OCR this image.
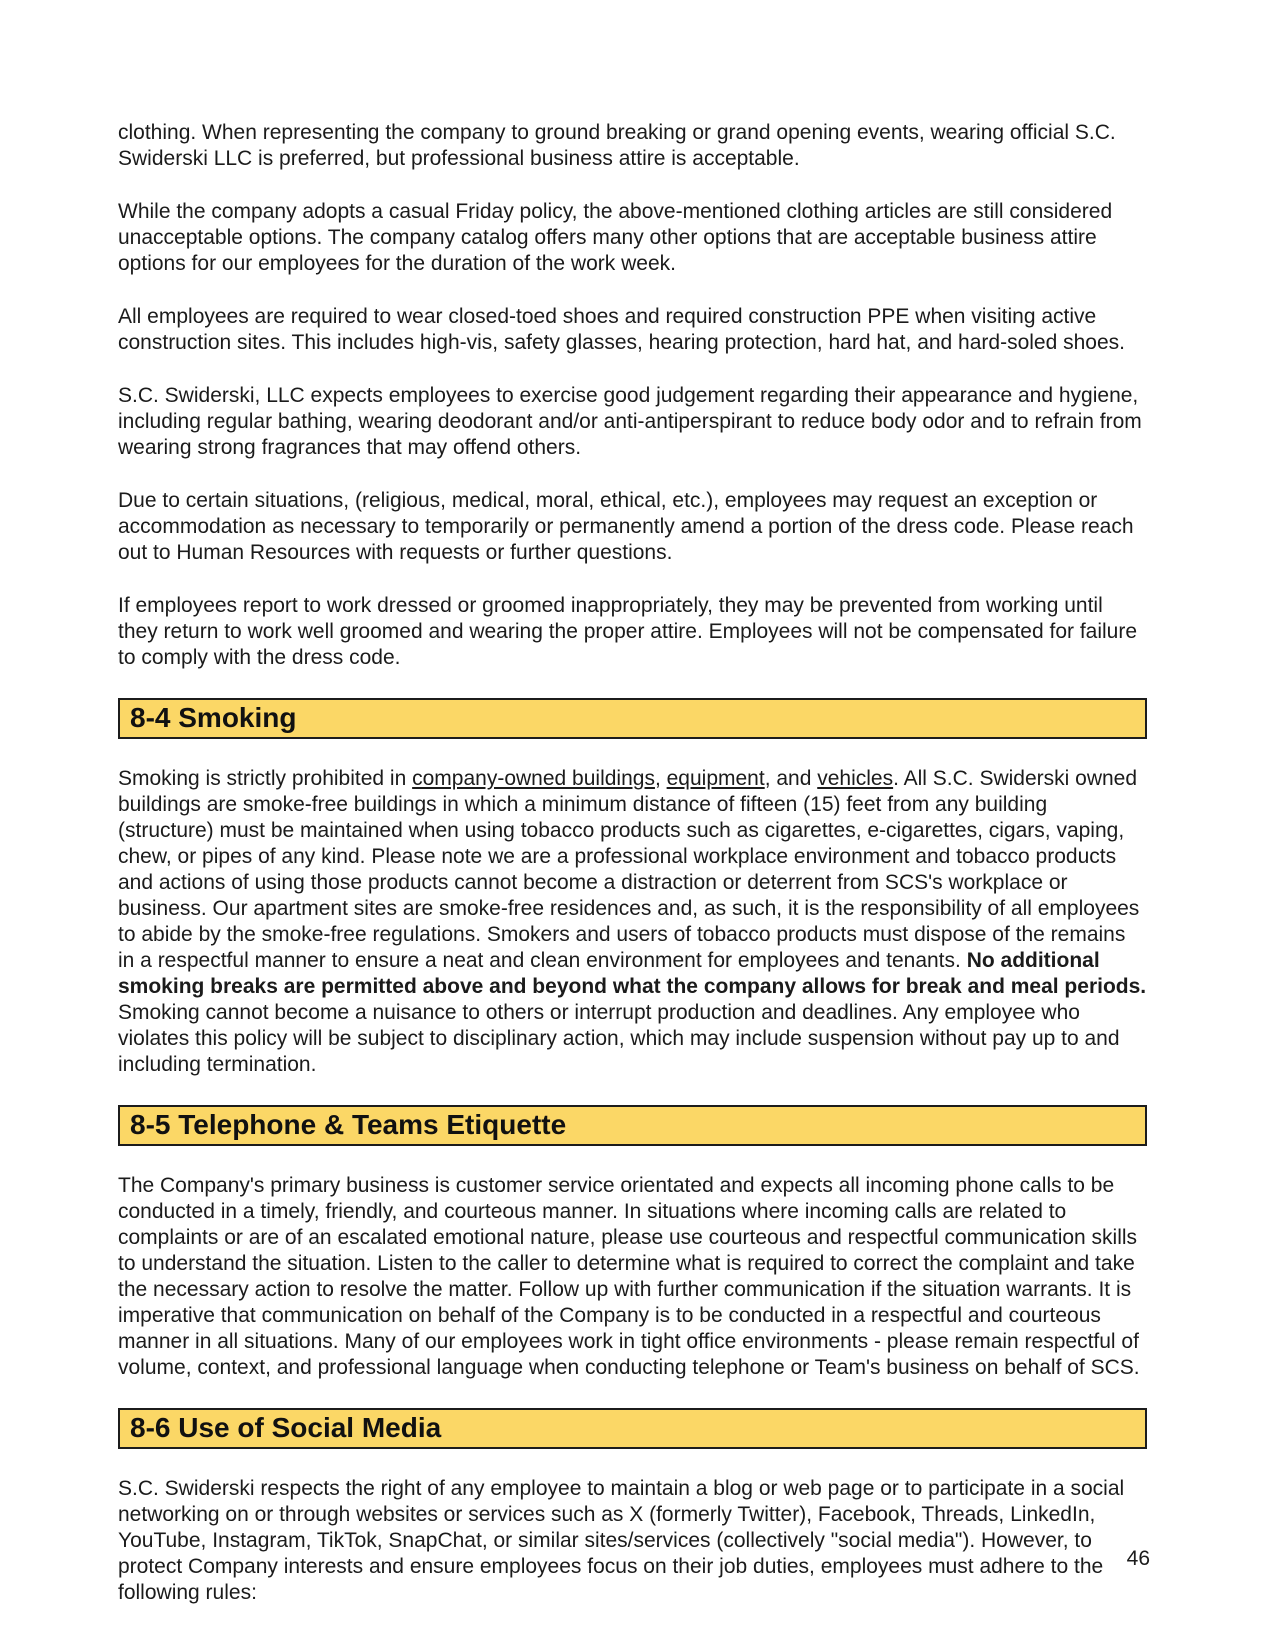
clothing. When representing the company to ground breaking or grand opening events, wearing official S.C. Swiderski LLC is preferred, but professional business attire is acceptable.

While the company adopts a casual Friday policy, the above-mentioned clothing articles are still considered unacceptable options. The company catalog offers many other options that are acceptable business attire options for our employees for the duration of the work week.

All employees are required to wear closed-toed shoes and required construction PPE when visiting active construction sites. This includes high-vis, safety glasses, hearing protection, hard hat, and hard-soled shoes.

S.C. Swiderski, LLC expects employees to exercise good judgement regarding their appearance and hygiene, including regular bathing, wearing deodorant and/or anti-antiperspirant to reduce body odor and to refrain from wearing strong fragrances that may offend others.

Due to certain situations, (religious, medical, moral, ethical, etc.), employees may request an exception or accommodation as necessary to temporarily or permanently amend a portion of the dress code. Please reach out to Human Resources with requests or further questions.

If employees report to work dressed or groomed inappropriately, they may be prevented from working until they return to work well groomed and wearing the proper attire. Employees will not be compensated for failure to comply with the dress code.

8-4 Smoking

Smoking is strictly prohibited in company-owned buildings, equipment, and vehicles. All S.C. Swiderski owned buildings are smoke-free buildings in which a minimum distance of fifteen (15) feet from any building (structure) must be maintained when using tobacco products such as cigarettes, e-cigarettes, cigars, vaping, chew, or pipes of any kind. Please note we are a professional workplace environment and tobacco products and actions of using those products cannot become a distraction or deterrent from SCS's workplace or business. Our apartment sites are smoke-free residences and, as such, it is the responsibility of all employees to abide by the smoke-free regulations. Smokers and users of tobacco products must dispose of the remains in a respectful manner to ensure a neat and clean environment for employees and tenants. No additional smoking breaks are permitted above and beyond what the company allows for break and meal periods. Smoking cannot become a nuisance to others or interrupt production and deadlines. Any employee who violates this policy will be subject to disciplinary action, which may include suspension without pay up to and including termination.

8-5 Telephone & Teams Etiquette

The Company's primary business is customer service orientated and expects all incoming phone calls to be conducted in a timely, friendly, and courteous manner. In situations where incoming calls are related to complaints or are of an escalated emotional nature, please use courteous and respectful communication skills to understand the situation. Listen to the caller to determine what is required to correct the complaint and take the necessary action to resolve the matter. Follow up with further communication if the situation warrants. It is imperative that communication on behalf of the Company is to be conducted in a respectful and courteous manner in all situations. Many of our employees work in tight office environments - please remain respectful of volume, context, and professional language when conducting telephone or Team's business on behalf of SCS.

8-6 Use of Social Media

S.C. Swiderski respects the right of any employee to maintain a blog or web page or to participate in a social networking on or through websites or services such as X (formerly Twitter), Facebook, Threads, LinkedIn, YouTube, Instagram, TikTok, SnapChat, or similar sites/services (collectively "social media"). However, to protect Company interests and ensure employees focus on their job duties, employees must adhere to the following rules:

46
